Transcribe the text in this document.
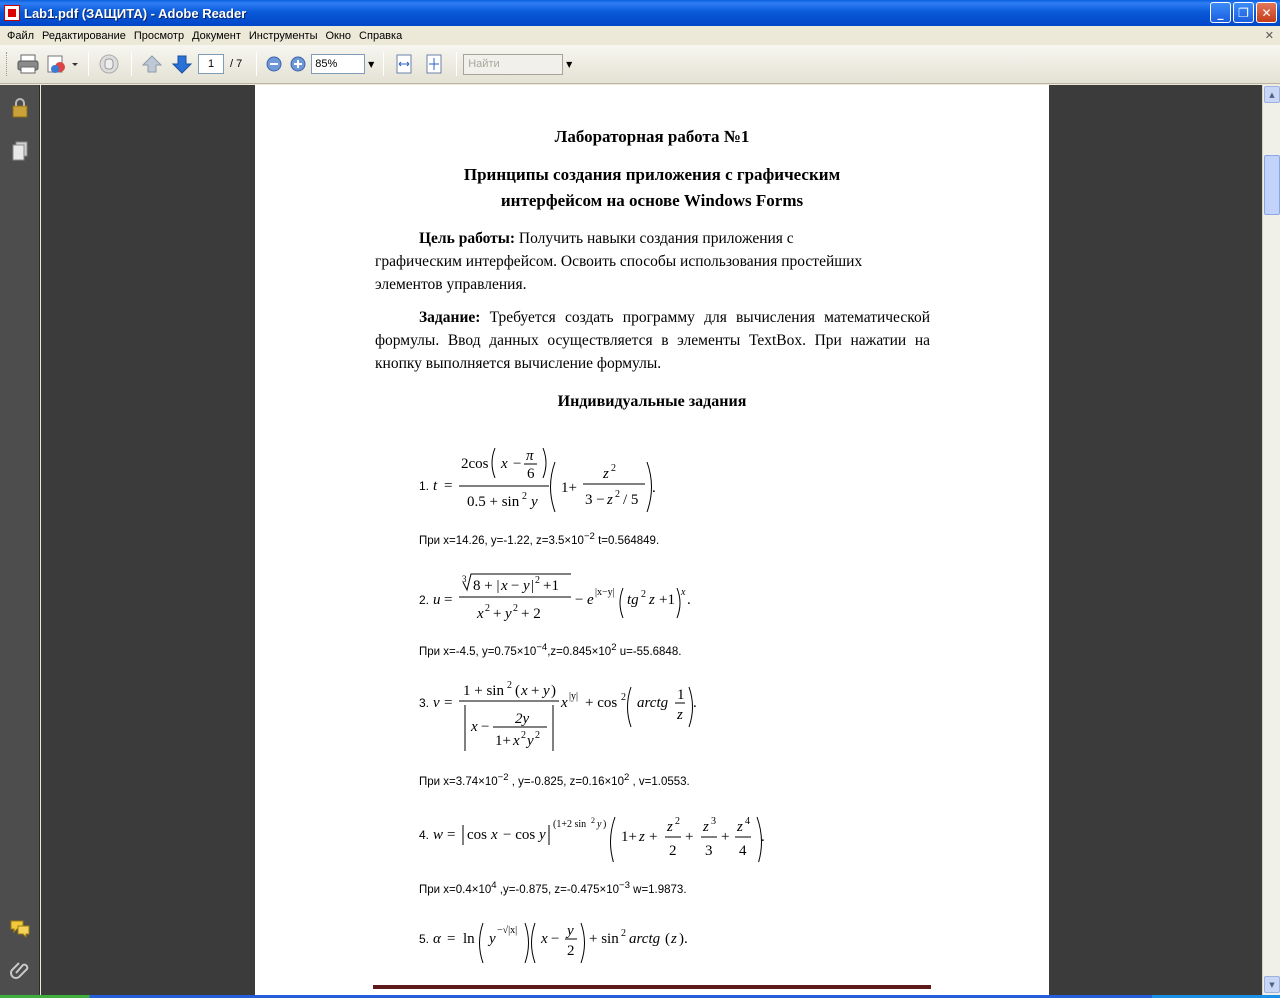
Lab1.pdf (ЗАЩИТА) - Adobe Reader	_	❐	✕
Файл Редактирование Просмотр Документ Инструменты Окно Справка	✕
1	/ 7	85%	▼	Найти	▼
Лабораторная работа №1
Принципы создания приложения с графическим
интерфейсом на основе Windows Forms
Цель работы: Получить навыки создания приложения с
графическим интерфейсом. Освоить способы использования простейших
элементов управления.
Задание: Требуется создать программу для вычисления математической формулы. Ввод данных осуществляется в элементы TextBox. При нажатии на кнопку выполняется вычисление формулы.
Индивидуальные задания
1. t =
2cos x − π
6
0.5 + sin 2 y
1+
z 2
3 − z 2 / 5
.
При x=14.26, y=-1.22, $z=3.5\times 10^{-2}$ t=0.564849.
2. u =
3 8 + | x − y | 2 +1
x 2 + y 2 + 2
− e |x−y| tg 2 z +1 x .
При x=-4.5, $y=0.75\times 10^{-4},z=0.845\times 10^2$ u=-55.6848.
3. v =
1 + sin 2 ( x + y )
x − 2y
1+ x 2 y 2
x |y| + cos 2 arctg 1
z
.
При $x=3.74\times 10^{-2}$ , y=-0.825, $z=0.16\times 10^2$ , v=1.0553.
4. w = cos x − cos y
(1+2 sin 2 y )
1+ z +
z 2
2
+
z 3
3
+
z 4
4
.
При $x=0.4\times 10^4$ ,y=-0.875, $z=-0.475\times 10^{-3}$ w=1.9873.
5. α = ln y
−√|x|
x − y
2
+ sin 2 arctg ( z ).
▲
▼
